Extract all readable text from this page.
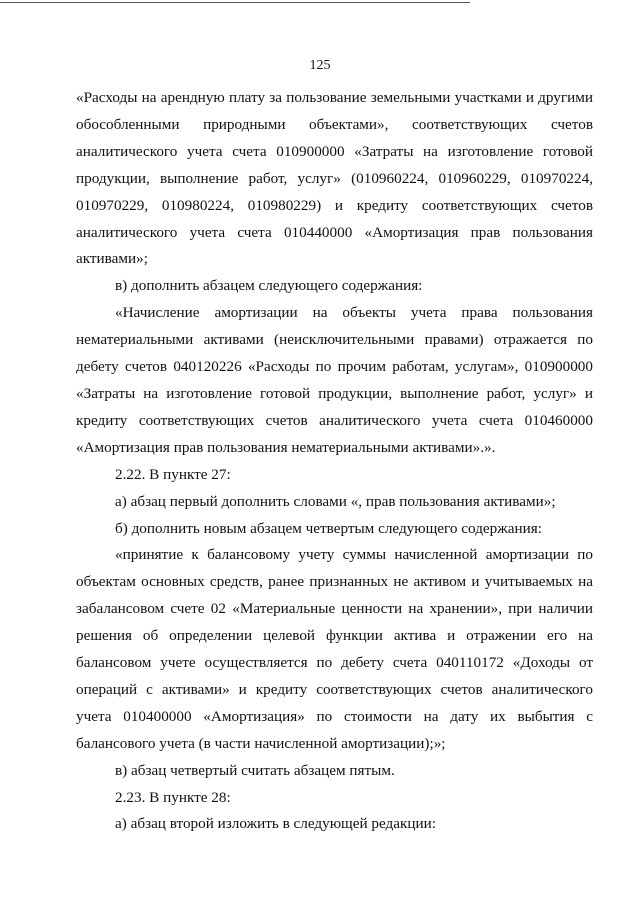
125

«Расходы на арендную плату за пользование земельными участками и другими обособленными природными объектами», соответствующих счетов аналитического учета счета 010900000 «Затраты на изготовление готовой продукции, выполнение работ, услуг» (010960224, 010960229, 010970224, 010970229, 010980224, 010980229) и кредиту соответствующих счетов аналитического учета счета 010440000 «Амортизация прав пользования активами»;

в) дополнить абзацем следующего содержания:

«Начисление амортизации на объекты учета права пользования нематериальными активами (неисключительными правами) отражается по дебету счетов 040120226 «Расходы по прочим работам, услугам», 010900000 «Затраты на изготовление готовой продукции, выполнение работ, услуг» и кредиту соответствующих счетов аналитического учета счета 010460000 «Амортизация прав пользования нематериальными активами».».

2.22. В пункте 27:

а) абзац первый дополнить словами «, прав пользования активами»;

б) дополнить новым абзацем четвертым следующего содержания:

«принятие к балансовому учету суммы начисленной амортизации по объектам основных средств, ранее признанных не активом и учитываемых на забалансовом счете 02 «Материальные ценности на хранении», при наличии решения об определении целевой функции актива и отражении его на балансовом учете осуществляется по дебету счета 040110172 «Доходы от операций с активами» и кредиту соответствующих счетов аналитического учета 010400000 «Амортизация» по стоимости на дату их выбытия с балансового учета (в части начисленной амортизации);»;

в) абзац четвертый считать абзацем пятым.

2.23. В пункте 28:

а) абзац второй изложить в следующей редакции:
